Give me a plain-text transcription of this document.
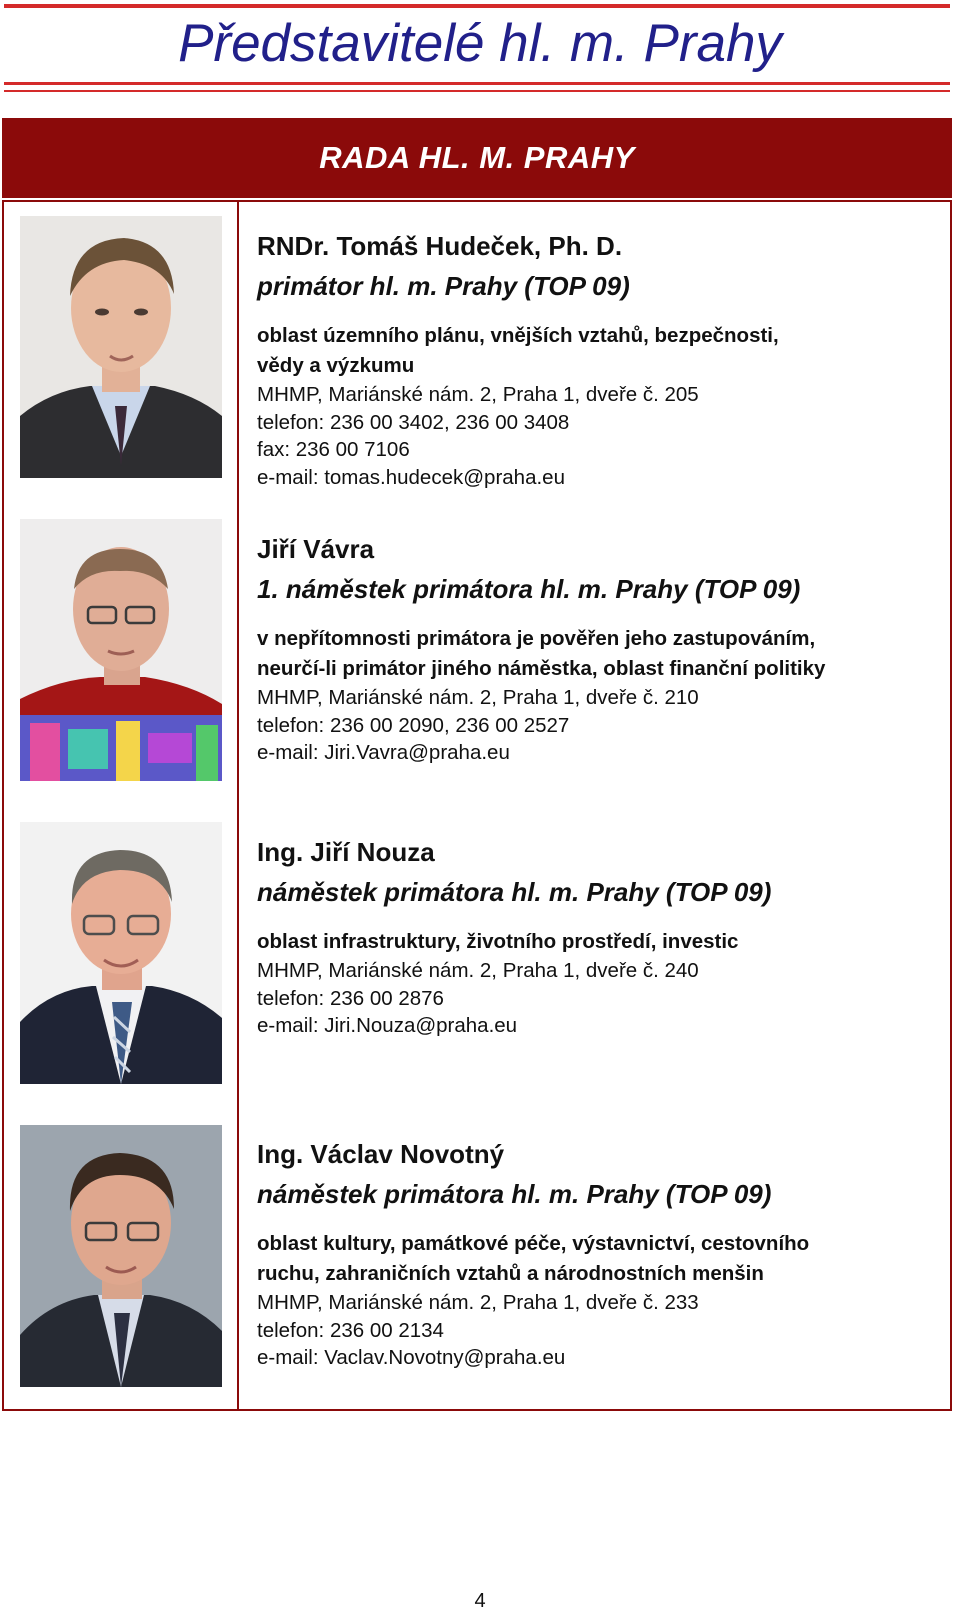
Představitelé hl. m. Prahy
RADA HL. M. PRAHY
RNDr. Tomáš Hudeček, Ph. D.
primátor hl. m. Prahy (TOP 09)
oblast územního plánu, vnějších vztahů, bezpečnosti,
vědy a výzkumu
MHMP, Mariánské nám. 2, Praha 1, dveře č. 205
telefon: 236 00 3402, 236 00 3408
fax: 236 00 7106
e-mail: tomas.hudecek@praha.eu
Jiří Vávra
1. náměstek primátora hl. m. Prahy (TOP 09)
v nepřítomnosti primátora je pověřen jeho zastupováním,
neurčí-li primátor jiného náměstka, oblast finanční politiky
MHMP, Mariánské nám. 2, Praha 1, dveře č. 210
telefon: 236 00 2090, 236 00 2527
e-mail: Jiri.Vavra@praha.eu
Ing. Jiří Nouza
náměstek primátora hl. m. Prahy (TOP 09)
oblast infrastruktury, životního prostředí, investic
MHMP, Mariánské nám. 2, Praha 1, dveře č. 240
telefon: 236 00 2876
e-mail: Jiri.Nouza@praha.eu
Ing. Václav Novotný
náměstek primátora hl. m. Prahy (TOP 09)
oblast kultury, památkové péče, výstavnictví, cestovního
ruchu, zahraničních vztahů a národnostních menšin
MHMP, Mariánské nám. 2, Praha 1, dveře č. 233
telefon: 236 00 2134
e-mail: Vaclav.Novotny@praha.eu
4
